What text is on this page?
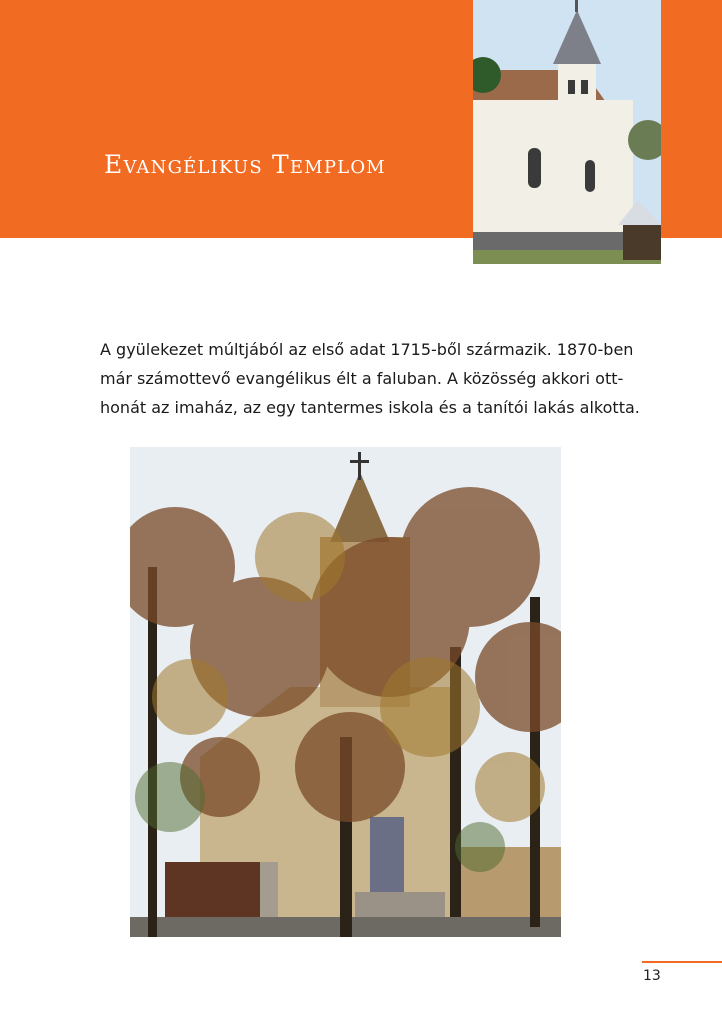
Evangélikus Templom
A gyülekezet múltjából az első adat 1715-ből származik. 1870-ben
már számottevő evangélikus élt a faluban. A közösség akkori ott-
honát az imaház, az egy tantermes iskola és a tanítói lakás alkotta.
13
